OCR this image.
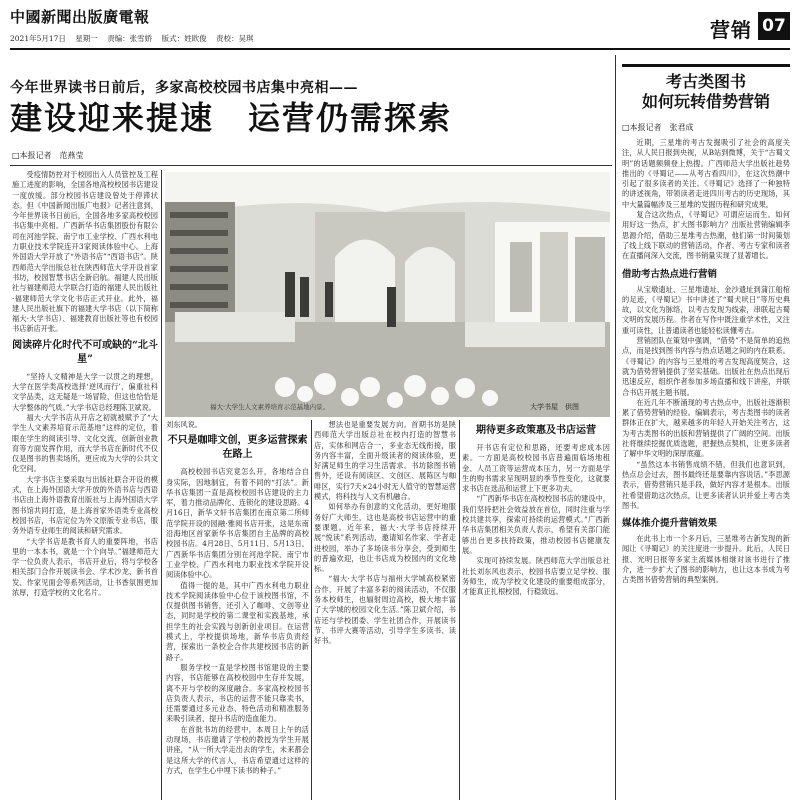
中國新聞出版廣電報
2021年5月17日 星期一 责编：张雪娇 版式：姓欧俊 责校：吴琪	营销 07
今年世界读书日前后，多家高校校园书店集中亮相——
建设迎来提速　运营仍需探索
□本报记者　范燕莹
受疫情防控对于校园出入人员管控及工程施工进度的影响，全国各地高校校园书店建设一度放缓。部分校园书店建设曾处于停滞状态。但《中国新闻出版广电报》记者注意到，今年世界读书日前后，全国各地多家高校校园书店集中亮相。广西新华书店集团股份有限公司在河池学院、南宁市工业学校、广西水利电力职业技术学院连开3家阅读体验中心。上海外国语大学开放了“外语书店”“西语书店”。陕西师范大学出版总社在陕西师范大学开设首家书坊，校园智慧书店全新启航。福建人民出版社与福建师范大学联合打造的福建人民出版社·福建师范大学文化书店正式开业。此外，福建人民出版社旗下的福建大学书店（以下简称福大·大学书店）、福建教育出版社等也有校园书店新店开张。
阅读碎片化时代不可或缺的“北斗星”
“坚持人文精神是大学一以贯之的理想，大学在医学类高校选择‘逆风而行’，偏重社科文学品类，这无疑是一场冒险，但这也恰恰是大学整体的气质。”大学书店总经理陈卫斌说。
福大·大学书店从开店之初就被赋予了“大学生人文素养培育示范基地”这样的定位，着眼在学生的阅读引导、文化交流、创新创业教育等方面发挥作用，而大学书店在新时代不仅仅是图书的售卖场所，更应成为大学的公共文化空间。
大学书店主要采取与出版社联合开设的模式，在上海外国语大学开放的外语书店与西语书店由上海外语教育出版社与上海外国语大学图书馆共同打造，是上海首家外语类专业高校校园书店，书店定位为外文原版专业书店，服务外语专业师生的阅读和研究需求。
“大学书店是教书育人的重要阵地，书店里的一本本书，就是一个个向导。”福建师范大学一位负责人表示，书店开业后，将与学校各相关部门合作开展读书会、学术沙龙、新书首发、作家见面会等系列活动，让书香氛围更加浓厚，打造学校的文化名片。
福大·大学生人文素养培育示范基地内景。	大学书屋　供图
刘东风说。
不只是咖啡文创，更多运营探索在路上
高校校园书店究竟怎么开，各地结合自身实际，因地制宜，有着不同的“打法”。新华书店集团一直是高校校园书店建设的主力军，着力推动品牌化、连锁化的建设思路。4月16日，新华文轩书店集团在南京第二所师范学院开设的园融·雅阅书店开张，这是东南沿海地区首家新华书店集团自主品牌的高校校园书店。4月28日、5月11日、5月13日，广西新华书店集团分别在河池学院、南宁市工业学校、广西水利电力职业技术学院开设阅读体验中心。
值得一提的是，其中广西水利电力职业技术学院阅读体验中心位于该校图书馆，不仅提供图书销售，还引入了咖啡、文创等业态，同时是学校的第二课堂和实践基地，承担学生的社会实践与创新创业项目。在运营模式上，学校提供场地，新华书店负责经营，探索出一条校企合作共建校园书店的新路子。
服务学校一直是学校图书馆建设的主要内容，书店能够在高校校园中生存并发展，离不开与学校的深度融合。多家高校校园书店负责人表示，书店的运营不能只靠卖书，还需要通过多元业态、特色活动和精准服务来吸引读者，提升书店的造血能力。
在首批书坊的经营中，本周日上午的活动现场，书店邀请了学校的教授为学生开展讲座，“从一所大学走出去的学生，未来都会是这所大学的代言人，书店希望通过这样的方式，在学生心中埋下读书的种子。”
想法也是重要发展方向。首期书坊是陕西师范大学出版总社在校内打造的智慧书店，实体和网店合一，多业态无线衔接，服务内容丰富，全面升级读者的阅读体验，更好满足师生的学习生活需求。书坊除图书销售外，还设有阅读区、文创区、展陈区与咖啡区，实行7天×24小时无人值守的智慧运营模式，将科技与人文有机融合。
如何举办有创意的文化活动，更好地服务好广大师生，这也是高校书店运营中的重要课题。近年来，福大·大学书店持续开展“悦读”系列活动，邀请知名作家、学者走进校园，举办了多场读书分享会，受到师生的普遍欢迎，也让书店成为校园内的文化地标。
“福大·大学书店与福州大学城高校紧密合作，开展了丰富多彩的阅读活动，不仅服务本校师生，也辐射周边高校，极大地丰富了大学城的校园文化生活。”陈卫斌介绍，书店还与学校团委、学生社团合作，开展读书节、书评大赛等活动，引导学生多读书、读好书。
期待更多政策惠及书店运营
开书店有定位和思路，还要考虑成本因素。一方面是高校校园书店普遍面临场地租金、人员工资等运营成本压力，另一方面是学生的购书需求呈现明显的季节性变化，这就要求书店在选品和运营上下更多功夫。
“广西新华书店在高校校园书店的建设中，我们坚持把社会效益放在首位，同时注重与学校共建共享，探索可持续的运营模式。”广西新华书店集团相关负责人表示，希望有关部门能够出台更多扶持政策，推动校园书店健康发展。
实现可持续发展。陕西师范大学出版总社社长刘东风也表示，校园书店要立足学校、服务师生，成为学校文化建设的重要组成部分，才能真正扎根校园，行稳致远。
考古类图书
如何玩转借势营销
□本报记者　张君成
近期，三星堆的考古发掘吸引了社会的高度关注，从人民日报到央视，从B站到微博，关于“古蜀文明”的话题频频登上热搜。广西师范大学出版社趁势推出的《寻蜀记——从考古看四川》，在这次热潮中引起了很多读者的关注。《寻蜀记》选择了一种独特的讲述视角，带领读者走进四川考古的历史现场，其中大量篇幅涉及三星堆的发掘历程和研究成果。
复合这次热点，《寻蜀记》可谓应运而生。如何用好这一热点，扩大图书影响力？出版社营销编辑李思源介绍，借助三星堆考古热潮，他们第一时间策划了线上线下联动的营销活动，作者、考古专家和读者在直播间深入交流，图书销量实现了显著增长。
借助考古热点进行营销
从宝墩遗址、三星堆遗址、金沙遗址到蒲江船棺的足迹，《寻蜀记》书中讲述了“蜀犬吠日”等历史典故，以文化为脉络，以考古发现为线索，串联起古蜀文明的发展历程。作者在写作中既注重学术性，又注重可读性，让普通读者也能轻松读懂考古。
营销团队在策划中强调，“借势”不是简单的追热点，而是找到图书内容与热点话题之间的内在联系。《寻蜀记》的内容与三星堆的考古发现高度契合，这就为借势营销提供了坚实基础。出版社在热点出现后迅速反应，组织作者参加多场直播和线下讲座，并联合书店开展主题书展。
在近几年不断涌现的考古热点中，出版社逐渐积累了借势营销的经验。编辑表示，考古类图书的读者群体正在扩大，越来越多的年轻人开始关注考古，这为考古类图书的出版和营销提供了广阔的空间。出版社将继续挖掘优质选题，把握热点契机，让更多读者了解中华文明的深厚底蕴。
“虽然这本书销售成绩不错，但我们也意识到，热点总会过去，图书最终还是要靠内容说话。”李思源表示，借势营销只是手段，做好内容才是根本。出版社希望借助这次热点，让更多读者认识并爱上考古类图书。
媒体推介提升营销效果
在此书上市一个多月后，三星堆考古新发现的新闻让《寻蜀记》的关注度进一步提升。此后，人民日报、光明日报等多家主流媒体相继对该书进行了推介，进一步扩大了图书的影响力，也让这本书成为考古类图书借势营销的典型案例。
